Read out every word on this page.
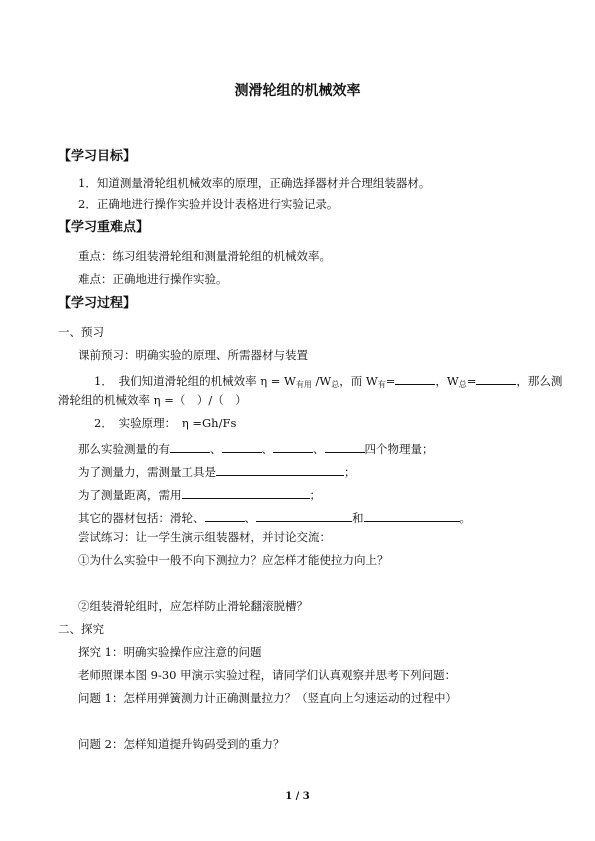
测滑轮组的机械效率
【学习目标】
1．知道测量滑轮组机械效率的原理，正确选择器材并合理组装器材。
2．正确地进行操作实验并设计表格进行实验记录。
【学习重难点】
重点：练习组装滑轮组和测量滑轮组的机械效率。
难点：正确地进行操作实验。
【学习过程】
一、预习
课前预习：明确实验的原理、所需器材与装置
1．　我们知道滑轮组的机械效率 $\eta = W_{有用}$ $/W_总$，而 $W_有=$	，$W_总=$	，那么测
滑轮组的机械效率 η =（　）/（　）
2．　实验原理：　η =Gh/Fs
那么实验测量的有	、	、	、	四个物理量；
为了测量力，需测量工具是	；
为了测量距离，需用	；
其它的器材包括：滑轮、	、	和	。
尝试练习：让一学生演示组装器材，并讨论交流：
①为什么实验中一般不向下测拉力？应怎样才能使拉力向上？
②组装滑轮组时，应怎样防止滑轮翻滚脱槽？
二、探究
探究 1：明确实验操作应注意的问题
老师照课本图 9-30 甲演示实验过程，请同学们认真观察并思考下列问题：
问题 1：怎样用弹簧测力计正确测量拉力？（竖直向上匀速运动的过程中）
问题 2：怎样知道提升钩码受到的重力？
1 / 3
